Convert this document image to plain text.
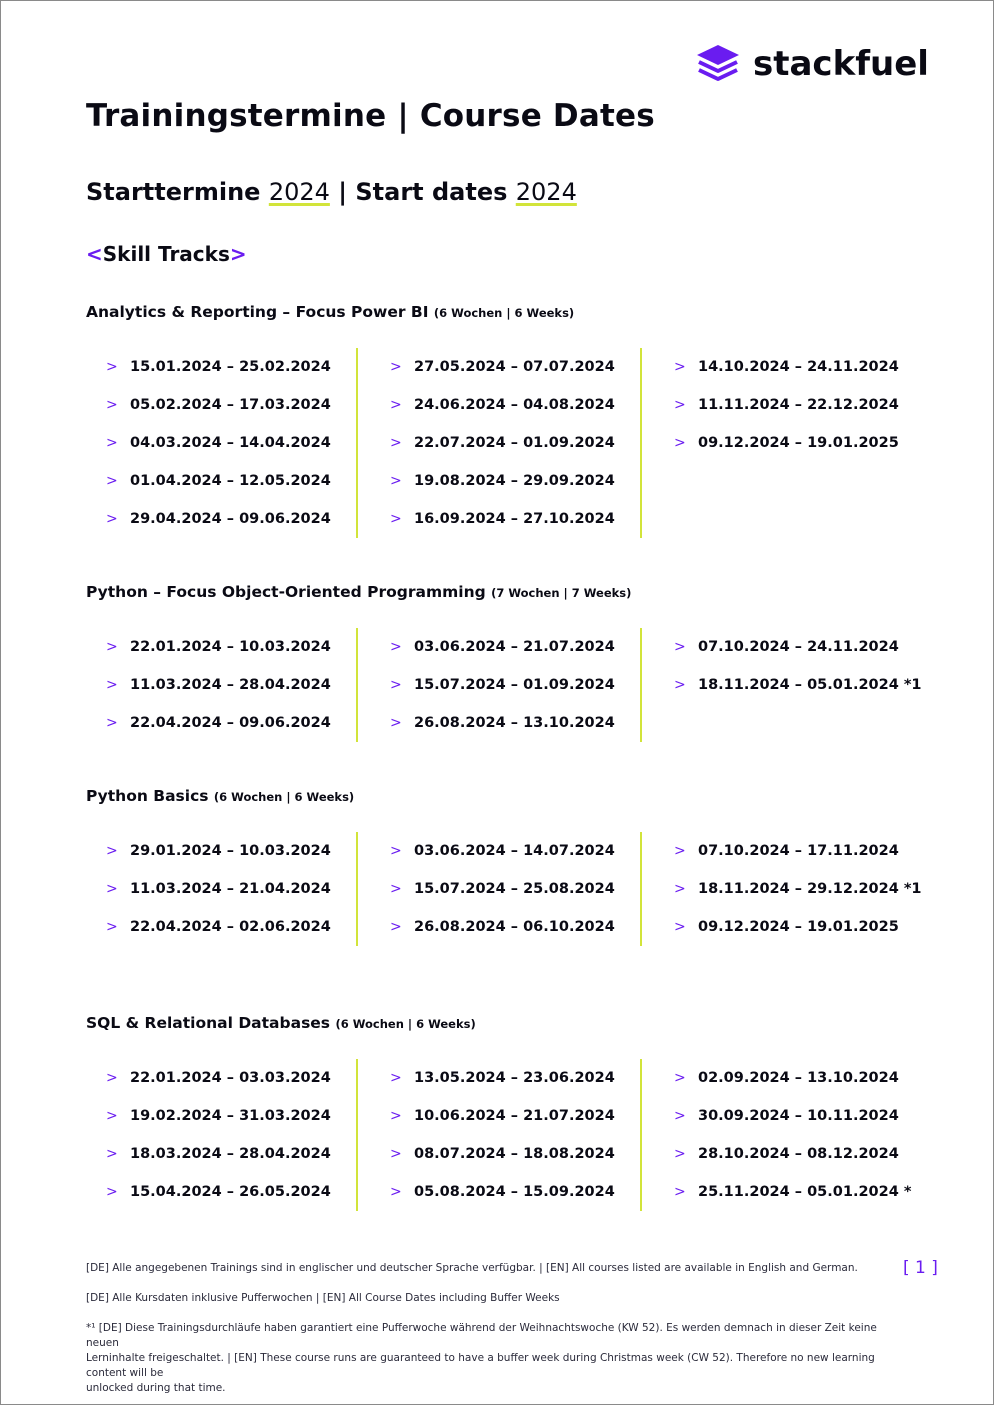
stackfuel
Trainingstermine | Course Dates
Starttermine 2024 | Start dates 2024
<Skill Tracks>
Analytics & Reporting – Focus Power BI (6 Wochen | 6 Weeks)
> 15.01.2024 – 25.02.2024
> 05.02.2024 – 17.03.2024
> 04.03.2024 – 14.04.2024
> 01.04.2024 – 12.05.2024
> 29.04.2024 – 09.06.2024
> 27.05.2024 – 07.07.2024
> 24.06.2024 – 04.08.2024
> 22.07.2024 – 01.09.2024
> 19.08.2024 – 29.09.2024
> 16.09.2024 – 27.10.2024
> 14.10.2024 – 24.11.2024
> 11.11.2024 – 22.12.2024
> 09.12.2024 – 19.01.2025
Python – Focus Object-Oriented Programming (7 Wochen | 7 Weeks)
> 22.01.2024 – 10.03.2024
> 11.03.2024 – 28.04.2024
> 22.04.2024 – 09.06.2024
> 03.06.2024 – 21.07.2024
> 15.07.2024 – 01.09.2024
> 26.08.2024 – 13.10.2024
> 07.10.2024 – 24.11.2024
> 18.11.2024 – 05.01.2024 *1
Python Basics (6 Wochen | 6 Weeks)
> 29.01.2024 – 10.03.2024
> 11.03.2024 – 21.04.2024
> 22.04.2024 – 02.06.2024
> 03.06.2024 – 14.07.2024
> 15.07.2024 – 25.08.2024
> 26.08.2024 – 06.10.2024
> 07.10.2024 – 17.11.2024
> 18.11.2024 – 29.12.2024 *1
> 09.12.2024 – 19.01.2025
SQL & Relational Databases (6 Wochen | 6 Weeks)
> 22.01.2024 – 03.03.2024
> 19.02.2024 – 31.03.2024
> 18.03.2024 – 28.04.2024
> 15.04.2024 – 26.05.2024
> 13.05.2024 – 23.06.2024
> 10.06.2024 – 21.07.2024
> 08.07.2024 – 18.08.2024
> 05.08.2024 – 15.09.2024
> 02.09.2024 – 13.10.2024
> 30.09.2024 – 10.11.2024
> 28.10.2024 – 08.12.2024
> 25.11.2024 – 05.01.2024 *

[DE] Alle angegebenen Trainings sind in englischer und deutscher Sprache verfügbar. | [EN] All courses listed are available in English and German.

[DE] Alle Kursdaten inklusive Pufferwochen | [EN] All Course Dates including Buffer Weeks

*¹ [DE] Diese Trainingsdurchläufe haben garantiert eine Pufferwoche während der Weihnachtswoche (KW 52). Es werden demnach in dieser Zeit keine neuen
Lerninhalte freigeschaltet. | [EN] These course runs are guaranteed to have a buffer week during Christmas week (CW 52). Therefore no new learning content will be
unlocked during that time.
[ 1 ]
